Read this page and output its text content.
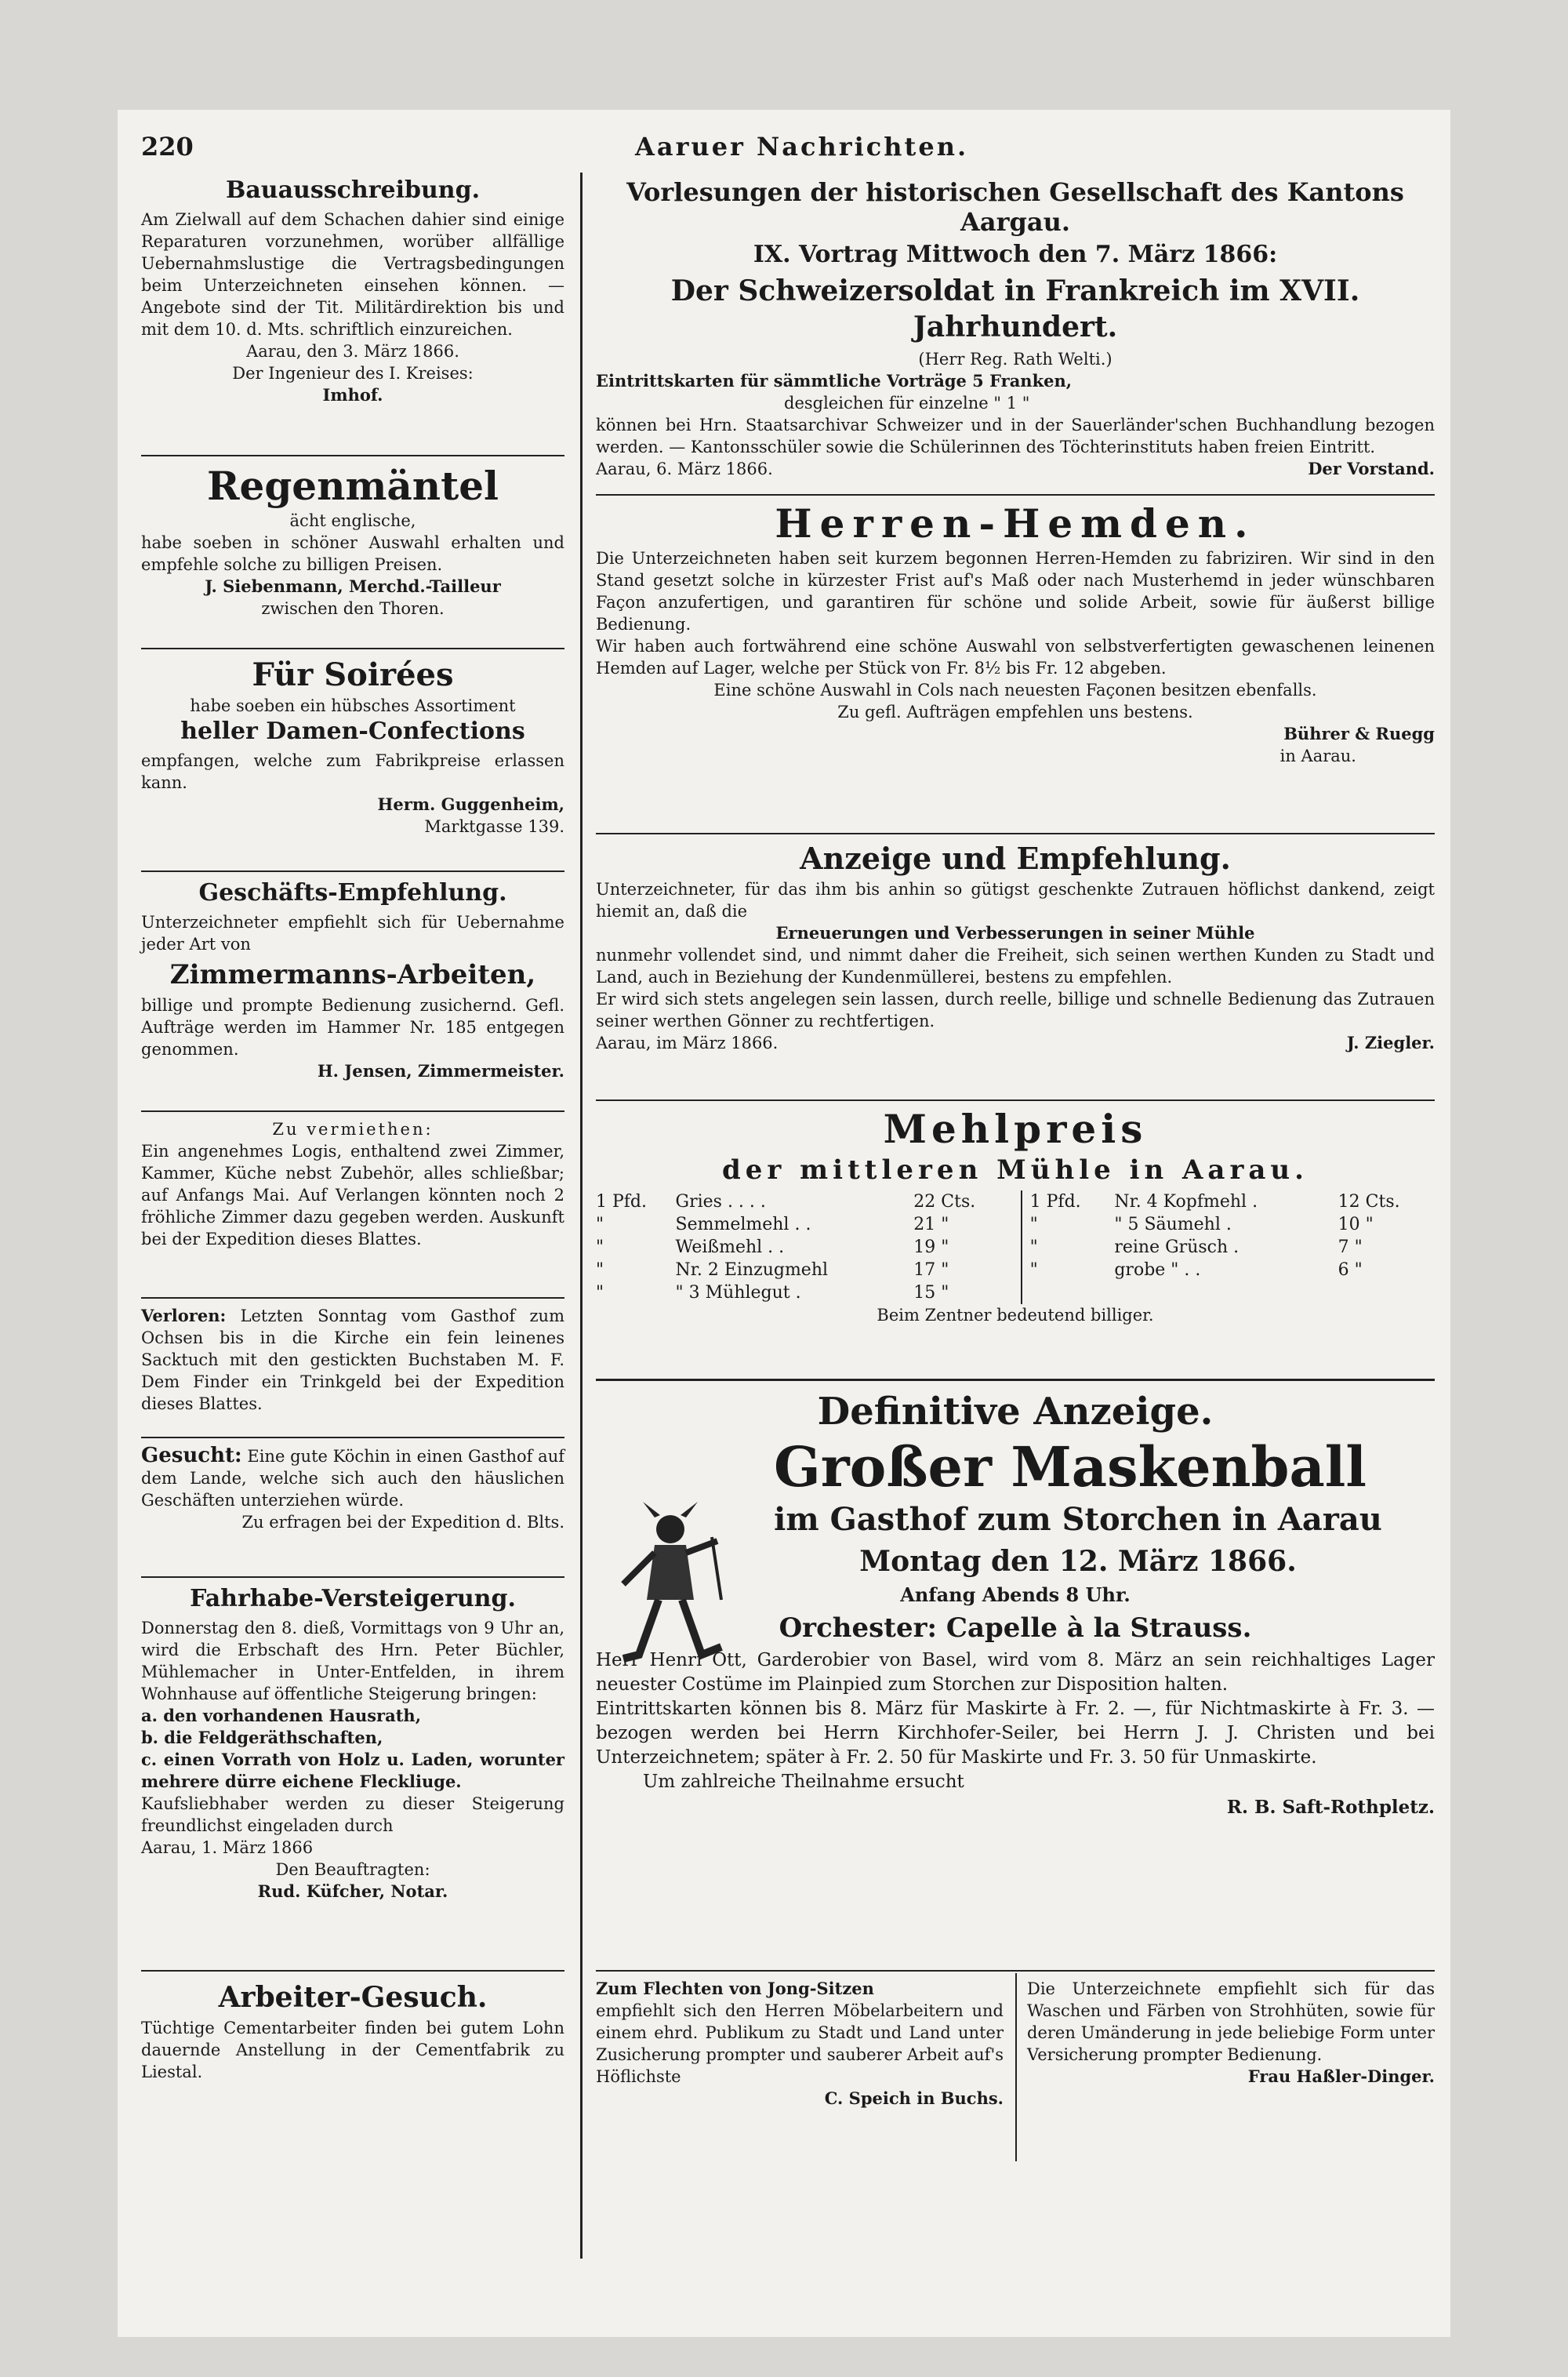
220	Aaruer Nachrichten.
Bauausschreibung.

Am Zielwall auf dem Schachen dahier sind einige Reparaturen vorzunehmen, worüber allfällige Uebernahmslustige die Vertragsbedingungen beim Unterzeichneten einsehen können. — Angebote sind der Tit. Militärdirektion bis und mit dem 10. d. Mts. schriftlich einzureichen.

Aarau, den 3. März 1866.

Der Ingenieur des I. Kreises:

Imhof.

Regenmäntel

ächt englische,

habe soeben in schöner Auswahl erhalten und empfehle solche zu billigen Preisen.

J. Siebenmann, Merchd.-Tailleur

zwischen den Thoren.

Für Soirées

habe soeben ein hübsches Assortiment

heller Damen-Confections

empfangen, welche zum Fabrikpreise erlassen kann.

Herm. Guggenheim,

Marktgasse 139.

Geschäfts-Empfehlung.

Unterzeichneter empfiehlt sich für Uebernahme jeder Art von

Zimmermanns-Arbeiten,

billige und prompte Bedienung zusichernd. Gefl. Aufträge werden im Hammer Nr. 185 entgegen genommen.

H. Jensen, Zimmermeister.

Zu vermiethen:

Ein angenehmes Logis, enthaltend zwei Zimmer, Kammer, Küche nebst Zubehör, alles schließbar; auf Anfangs Mai. Auf Verlangen könnten noch 2 fröhliche Zimmer dazu gegeben werden. Auskunft bei der Expedition dieses Blattes.

Verloren: Letzten Sonntag vom Gasthof zum Ochsen bis in die Kirche ein fein leinenes Sacktuch mit den gestickten Buchstaben M. F. Dem Finder ein Trinkgeld bei der Expedition dieses Blattes.

Gesucht: Eine gute Köchin in einen Gasthof auf dem Lande, welche sich auch den häuslichen Geschäften unterziehen würde.

Zu erfragen bei der Expedition d. Blts.

Fahrhabe-Versteigerung.

Donnerstag den 8. dieß, Vormittags von 9 Uhr an, wird die Erbschaft des Hrn. Peter Büchler, Mühlemacher in Unter-Entfelden, in ihrem Wohnhause auf öffentliche Steigerung bringen:

a. den vorhandenen Hausrath,

b. die Feldgeräthschaften,

c. einen Vorrath von Holz u. Laden, worunter mehrere dürre eichene Fleckliuge.

Kaufsliebhaber werden zu dieser Steigerung freundlichst eingeladen durch

Aarau, 1. März 1866

Den Beauftragten:

Rud. Küfcher, Notar.

Arbeiter-Gesuch.

Tüchtige Cementarbeiter finden bei gutem Lohn dauernde Anstellung in der Cementfabrik zu Liestal.

Vorlesungen der historischen Gesellschaft des Kantons Aargau.
IX. Vortrag Mittwoch den 7. März 1866:
Der Schweizersoldat in Frankreich im XVII. Jahrhundert.

(Herr Reg. Rath Welti.)

Eintrittskarten für sämmtliche Vorträge 5 Franken,

desgleichen für einzelne " 1 "

können bei Hrn. Staatsarchivar Schweizer und in der Sauerländer'schen Buchhandlung bezogen werden. — Kantonsschüler sowie die Schülerinnen des Töchterinstituts haben freien Eintritt.

Aarau, 6. März 1866.	Der Vorstand.

Herren-Hemden.

Die Unterzeichneten haben seit kurzem begonnen Herren-Hemden zu fabriziren. Wir sind in den Stand gesetzt solche in kürzester Frist auf's Maß oder nach Musterhemd in jeder wünschbaren Façon anzufertigen, und garantiren für schöne und solide Arbeit, sowie für äußerst billige Bedienung.

Wir haben auch fortwährend eine schöne Auswahl von selbstverfertigten gewaschenen leinenen Hemden auf Lager, welche per Stück von Fr. 8½ bis Fr. 12 abgeben.

Eine schöne Auswahl in Cols nach neuesten Façonen besitzen ebenfalls.

Zu gefl. Aufträgen empfehlen uns bestens.

Bührer & Ruegg

in Aarau.

Anzeige und Empfehlung.

Unterzeichneter, für das ihm bis anhin so gütigst geschenkte Zutrauen höflichst dankend, zeigt hiemit an, daß die

Erneuerungen und Verbesserungen in seiner Mühle

nunmehr vollendet sind, und nimmt daher die Freiheit, sich seinen werthen Kunden zu Stadt und Land, auch in Beziehung der Kundenmüllerei, bestens zu empfehlen.

Er wird sich stets angelegen sein lassen, durch reelle, billige und schnelle Bedienung das Zutrauen seiner werthen Gönner zu rechtfertigen.

Aarau, im März 1866.	J. Ziegler.

Mehlpreis
der mittleren Mühle in Aarau.
1 Pfd.	Gries . . . .	22 Cts.	1 Pfd.	Nr. 4 Kopfmehl .	12 Cts.
"	Semmelmehl . .	21 "	"	" 5 Säumehl .	10 "
"	Weißmehl . .	19 "	"	reine Grüsch .	7 "
"	Nr. 2 Einzugmehl	17 "	"	grobe " . .	6 "
"	" 3 Mühlegut .	15 "			

Beim Zentner bedeutend billiger.

Definitive Anzeige.
Großer Maskenball
im Gasthof zum Storchen in Aarau
Montag den 12. März 1866.
Anfang Abends 8 Uhr.
Orchester: Capelle à la Strauss.

Herr Henri Ott, Garderobier von Basel, wird vom 8. März an sein reichhaltiges Lager neuester Costüme im Plainpied zum Storchen zur Disposition halten.

Eintrittskarten können bis 8. März für Maskirte à Fr. 2. —, für Nichtmaskirte à Fr. 3. — bezogen werden bei Herrn Kirchhofer-Seiler, bei Herrn J. J. Christen und bei Unterzeichnetem; später à Fr. 2. 50 für Maskirte und Fr. 3. 50 für Unmaskirte.

Um zahlreiche Theilnahme ersucht

R. B. Saft-Rothpletz.

Zum Flechten von Jong-Sitzen

empfiehlt sich den Herren Möbelarbeitern und einem ehrd. Publikum zu Stadt und Land unter Zusicherung prompter und sauberer Arbeit auf's Höflichste

C. Speich in Buchs.

Die Unterzeichnete empfiehlt sich für das Waschen und Färben von Strohhüten, sowie für deren Umänderung in jede beliebige Form unter Versicherung prompter Bedienung.

Frau Haßler-Dinger.
